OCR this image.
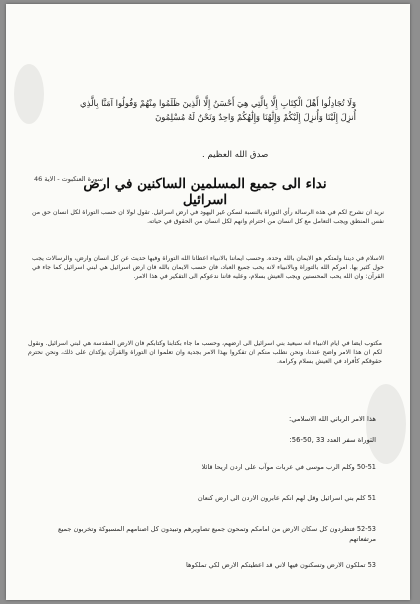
وَلَا تُجَادِلُوا أَهْلَ الْكِتَابِ إِلَّا بِالَّتِي هِيَ أَحْسَنُ إِلَّا الَّذِينَ ظَلَمُوا مِنْهُمْ وَقُولُوا آمَنَّا بِالَّذِي
أُنزِلَ إِلَيْنَا وَأُنزِلَ إِلَيْكُمْ وَإِلَٰهُنَا وَإِلَٰهُكُمْ وَاحِدٌ وَنَحْنُ لَهُ مُسْلِمُونَ
صدق الله العظيم .
سورة العنكبوت - الاية 46
نداء الى جميع المسلمين الساكنين في ارض اسرائيل
نريد ان نشرح لكم في هذه الرسالة رأي التوراة بالنسبة لسكن غير اليهود في ارض اسرائيل. تقول لولا ان حسب التوراة لكل انسان حق من نفس المنطق ويجب التعامل مع كل انسان من احترام وانهم لكل انسان من الحقوق في حياته.
الاسلام في ديننا ولمتكم هو الايمان بالله وحده. وحسب ايماننا بالانبياء اعطانا الله التوراة وفيها حديث عن كل انسان وارض، والرسالات يجب حول كثير بها. امركم الله بالتوراة وبالانبياء لانه يحب جميع العباد، فان حسب الايمان بالله فان ارض اسرائيل هي لبني اسرائيل كما جاء في القرآن: وان الله يحب المحسنين ويجب العيش بسلام، وعليه فاننا ندعوكم الى التفكير في هذا الامر.
مكتوب ايضا في ايام الانبياء انه سيعيد بني اسرائيل الى ارضهم، وحسب ما جاء بكتابنا وكتابكم فان الارض المقدسة هي لبني اسرائيل. ونقول لكم ان هذا الامر واضح عندنا، ونحن نطلب منكم ان تفكروا بهذا الامر بجدية وان تعلموا ان التوراة والقرآن يؤكدان على ذلك، ونحن نحترم حقوقكم كأفراد في العيش بسلام وكرامة.
هذا الامر الرباني الله الاسلامي:
التوراة سفر العدد 33 ,50-56:
50-51 وكلم الرب موسى في عربات موآب على اردن اريحا قائلا
51 كلم بني اسرائيل وقل لهم انكم عابرون الاردن الى ارض كنعان
52-53 فتطردون كل سكان الارض من امامكم وتمحون جميع تصاويرهم وتبيدون كل اصنامهم المسبوكة وتخربون جميع مرتفعاتهم
53 تملكون الارض وتسكنون فيها لاني قد اعطيتكم الارض لكي تملكوها
